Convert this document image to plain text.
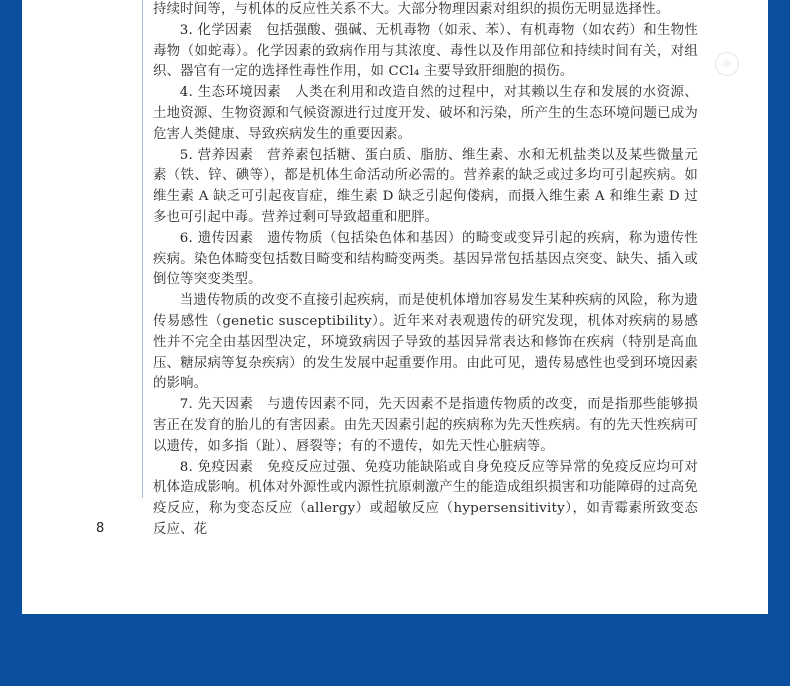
◎

持续时间等，与机体的反应性关系不大。大部分物理因素对组织的损伤无明显选择性。

3. 化学因素　包括强酸、强碱、无机毒物（如汞、苯）、有机毒物（如农药）和生物性毒物（如蛇毒）。化学因素的致病作用与其浓度、毒性以及作用部位和持续时间有关，对组织、器官有一定的选择性毒性作用，如 CCl₄ 主要导致肝细胞的损伤。

4. 生态环境因素　人类在利用和改造自然的过程中，对其赖以生存和发展的水资源、土地资源、生物资源和气候资源进行过度开发、破坏和污染，所产生的生态环境问题已成为危害人类健康、导致疾病发生的重要因素。

5. 营养因素　营养素包括糖、蛋白质、脂肪、维生素、水和无机盐类以及某些微量元素（铁、锌、碘等），都是机体生命活动所必需的。营养素的缺乏或过多均可引起疾病。如维生素 A 缺乏可引起夜盲症，维生素 D 缺乏引起佝偻病，而摄入维生素 A 和维生素 D 过多也可引起中毒。营养过剩可导致超重和肥胖。

6. 遗传因素　遗传物质（包括染色体和基因）的畸变或变异引起的疾病，称为遗传性疾病。染色体畸变包括数目畸变和结构畸变两类。基因异常包括基因点突变、缺失、插入或倒位等突变类型。

当遗传物质的改变不直接引起疾病，而是使机体增加容易发生某种疾病的风险，称为遗传易感性（genetic susceptibility）。近年来对表观遗传的研究发现，机体对疾病的易感性并不完全由基因型决定，环境致病因子导致的基因异常表达和修饰在疾病（特别是高血压、糖尿病等复杂疾病）的发生发展中起重要作用。由此可见，遗传易感性也受到环境因素的影响。

7. 先天因素　与遗传因素不同，先天因素不是指遗传物质的改变，而是指那些能够损害正在发育的胎儿的有害因素。由先天因素引起的疾病称为先天性疾病。有的先天性疾病可以遗传，如多指（趾）、唇裂等；有的不遗传，如先天性心脏病等。

8. 免疫因素　免疫反应过强、免疫功能缺陷或自身免疫反应等异常的免疫反应均可对机体造成影响。机体对外源性或内源性抗原刺激产生的能造成组织损害和功能障碍的过高免疫反应，称为变态反应（allergy）或超敏反应（hypersensitivity），如青霉素所致变态反应、花

8
